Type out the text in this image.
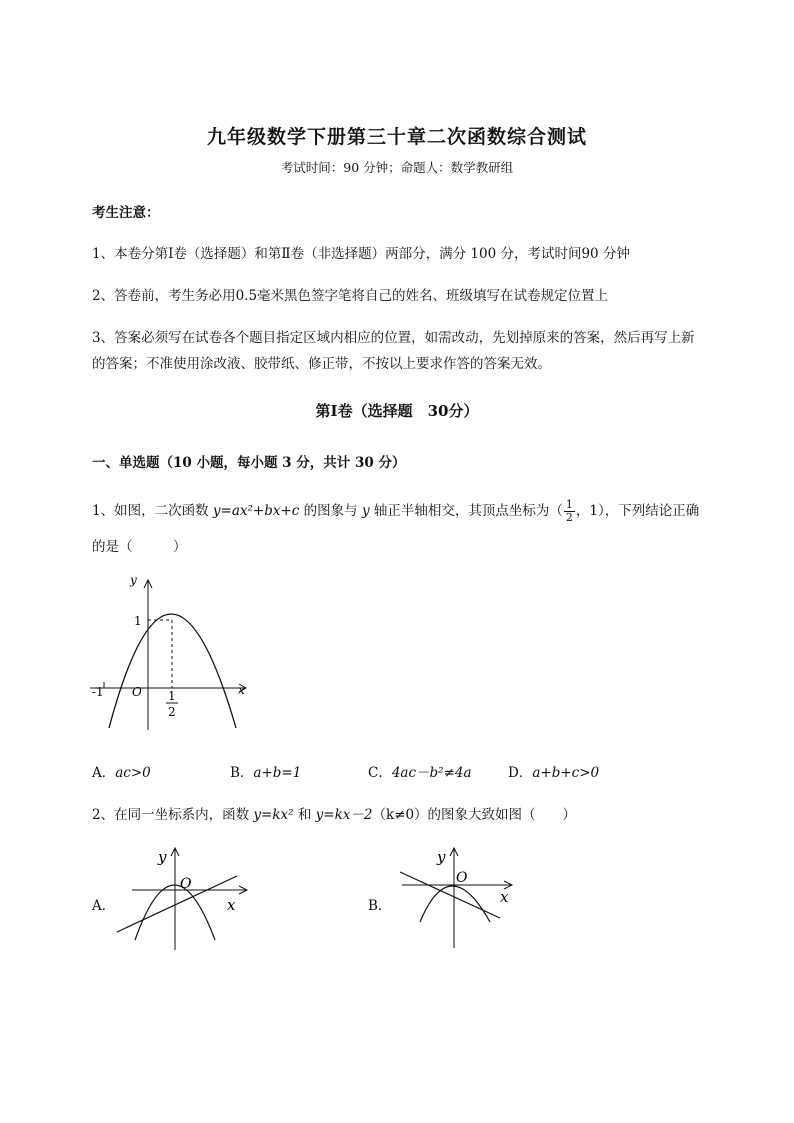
九年级数学下册第三十章二次函数综合测试
考试时间：90 分钟；命题人：数学教研组
考生注意：
1、本卷分第Ⅰ卷（选择题）和第Ⅱ卷（非选择题）两部分，满分 100 分，考试时间90 分钟
2、答卷前，考生务必用0.5毫米黑色签字笔将自己的姓名、班级填写在试卷规定位置上
3、答案必须写在试卷各个题目指定区域内相应的位置，如需改动，先划掉原来的答案，然后再写上新
的答案；不准使用涂改液、胶带纸、修正带，不按以上要求作答的答案无效。
第Ⅰ卷（选择题　30分）
一、单选题（10 小题，每小题 3 分，共计 30 分）
1、如图，二次函数 y=ax²+bx+c 的图象与 y 轴正半轴相交，其顶点坐标为（ $\frac{1}{2}$ ，1），下列结论正确
的是（　　　）
y
x
1
-1 O 1
2
A．ac>0	B．a+b=1	C．4ac－b²≠4a	D．a+b+c>0
2、在同一坐标系内，函数 y=kx² 和 y=kx－2（k≠0）的图象大致如图（　　）
A．
y
x
O
B．
y
x
O
